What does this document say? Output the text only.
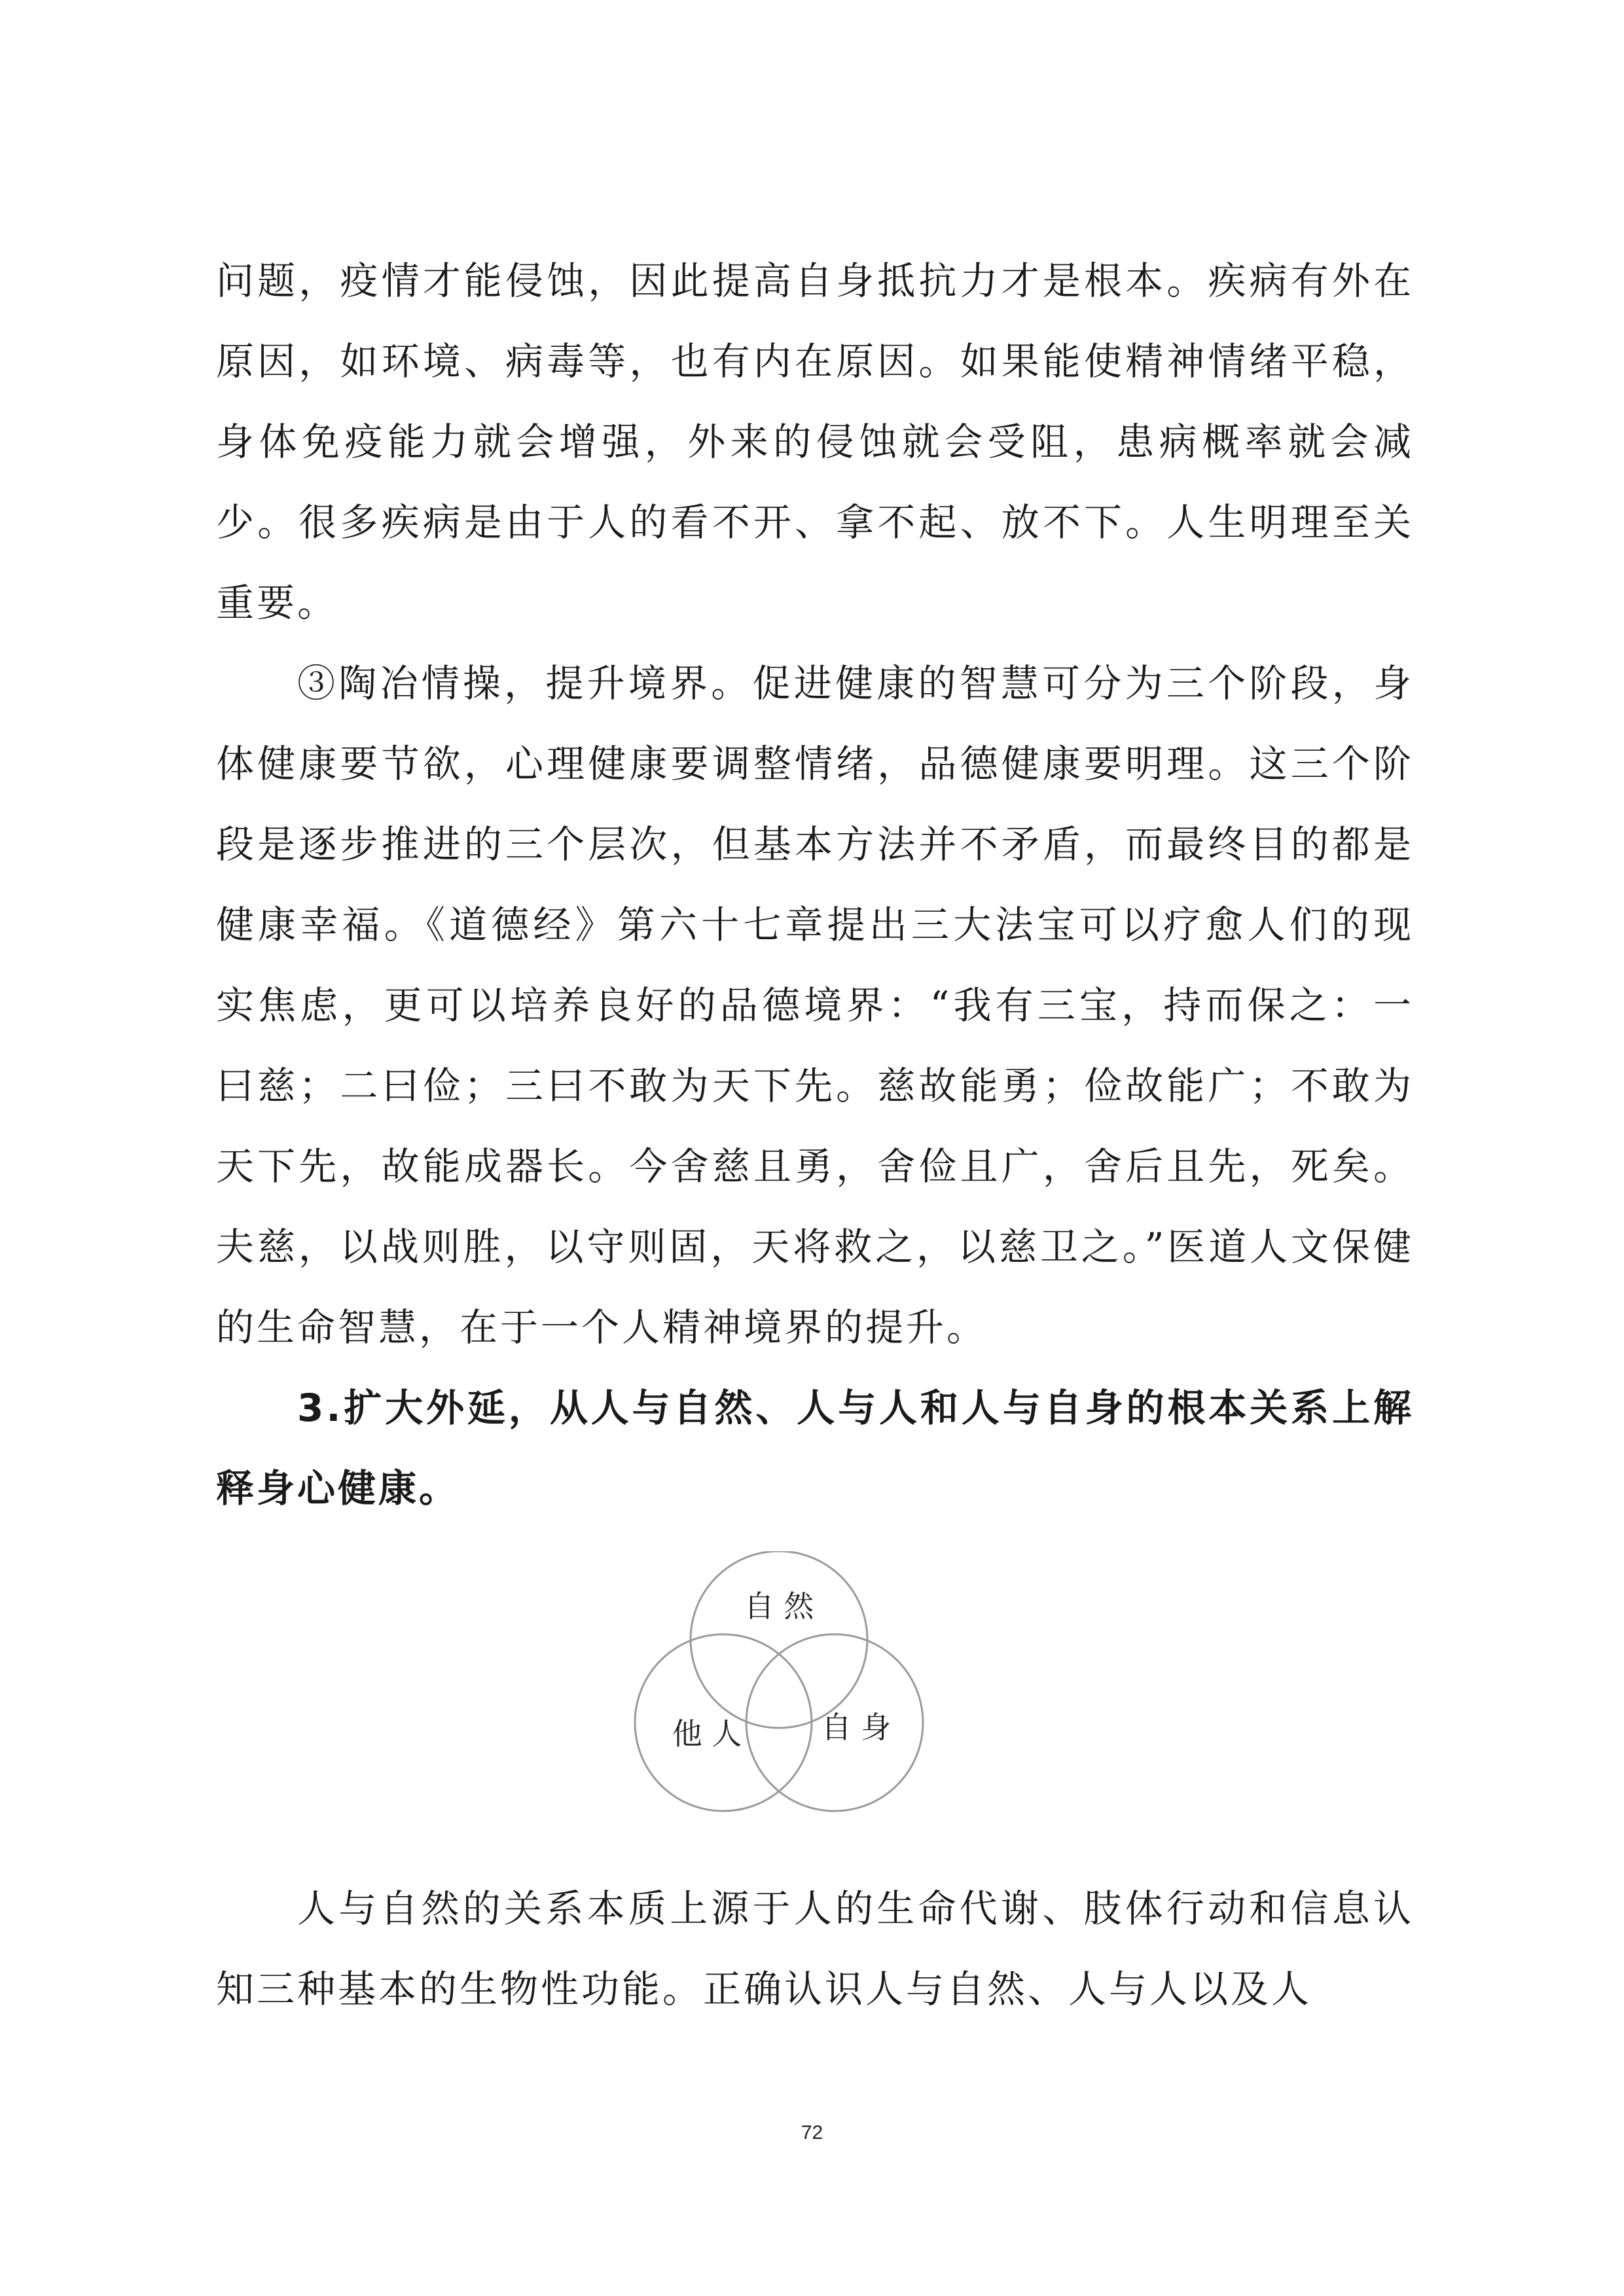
问题，疫情才能侵蚀，因此提高自身抵抗力才是根本。疾病有外在原因，如环境、病毒等，也有内在原因。如果能使精神情绪平稳，身体免疫能力就会增强，外来的侵蚀就会受阻，患病概率就会减少。很多疾病是由于人的看不开、拿不起、放不下。人生明理至关重要。

③陶冶情操，提升境界。促进健康的智慧可分为三个阶段，身体健康要节欲，心理健康要调整情绪，品德健康要明理。这三个阶段是逐步推进的三个层次，但基本方法并不矛盾，而最终目的都是健康幸福。《道德经》第六十七章提出三大法宝可以疗愈人们的现实焦虑，更可以培养良好的品德境界：“我有三宝，持而保之：一曰慈；二曰俭；三曰不敢为天下先。慈故能勇；俭故能广；不敢为天下先，故能成器长。今舍慈且勇，舍俭且广，舍后且先，死矣。夫慈，以战则胜，以守则固，天将救之，以慈卫之。”医道人文保健的生命智慧，在于一个人精神境界的提升。

3.扩大外延，从人与自然、人与人和人与自身的根本关系上解释身心健康。

自 然
他 人	自 身

人与自然的关系本质上源于人的生命代谢、肢体行动和信息认知三种基本的生物性功能。正确认识人与自然、人与人以及人

72
